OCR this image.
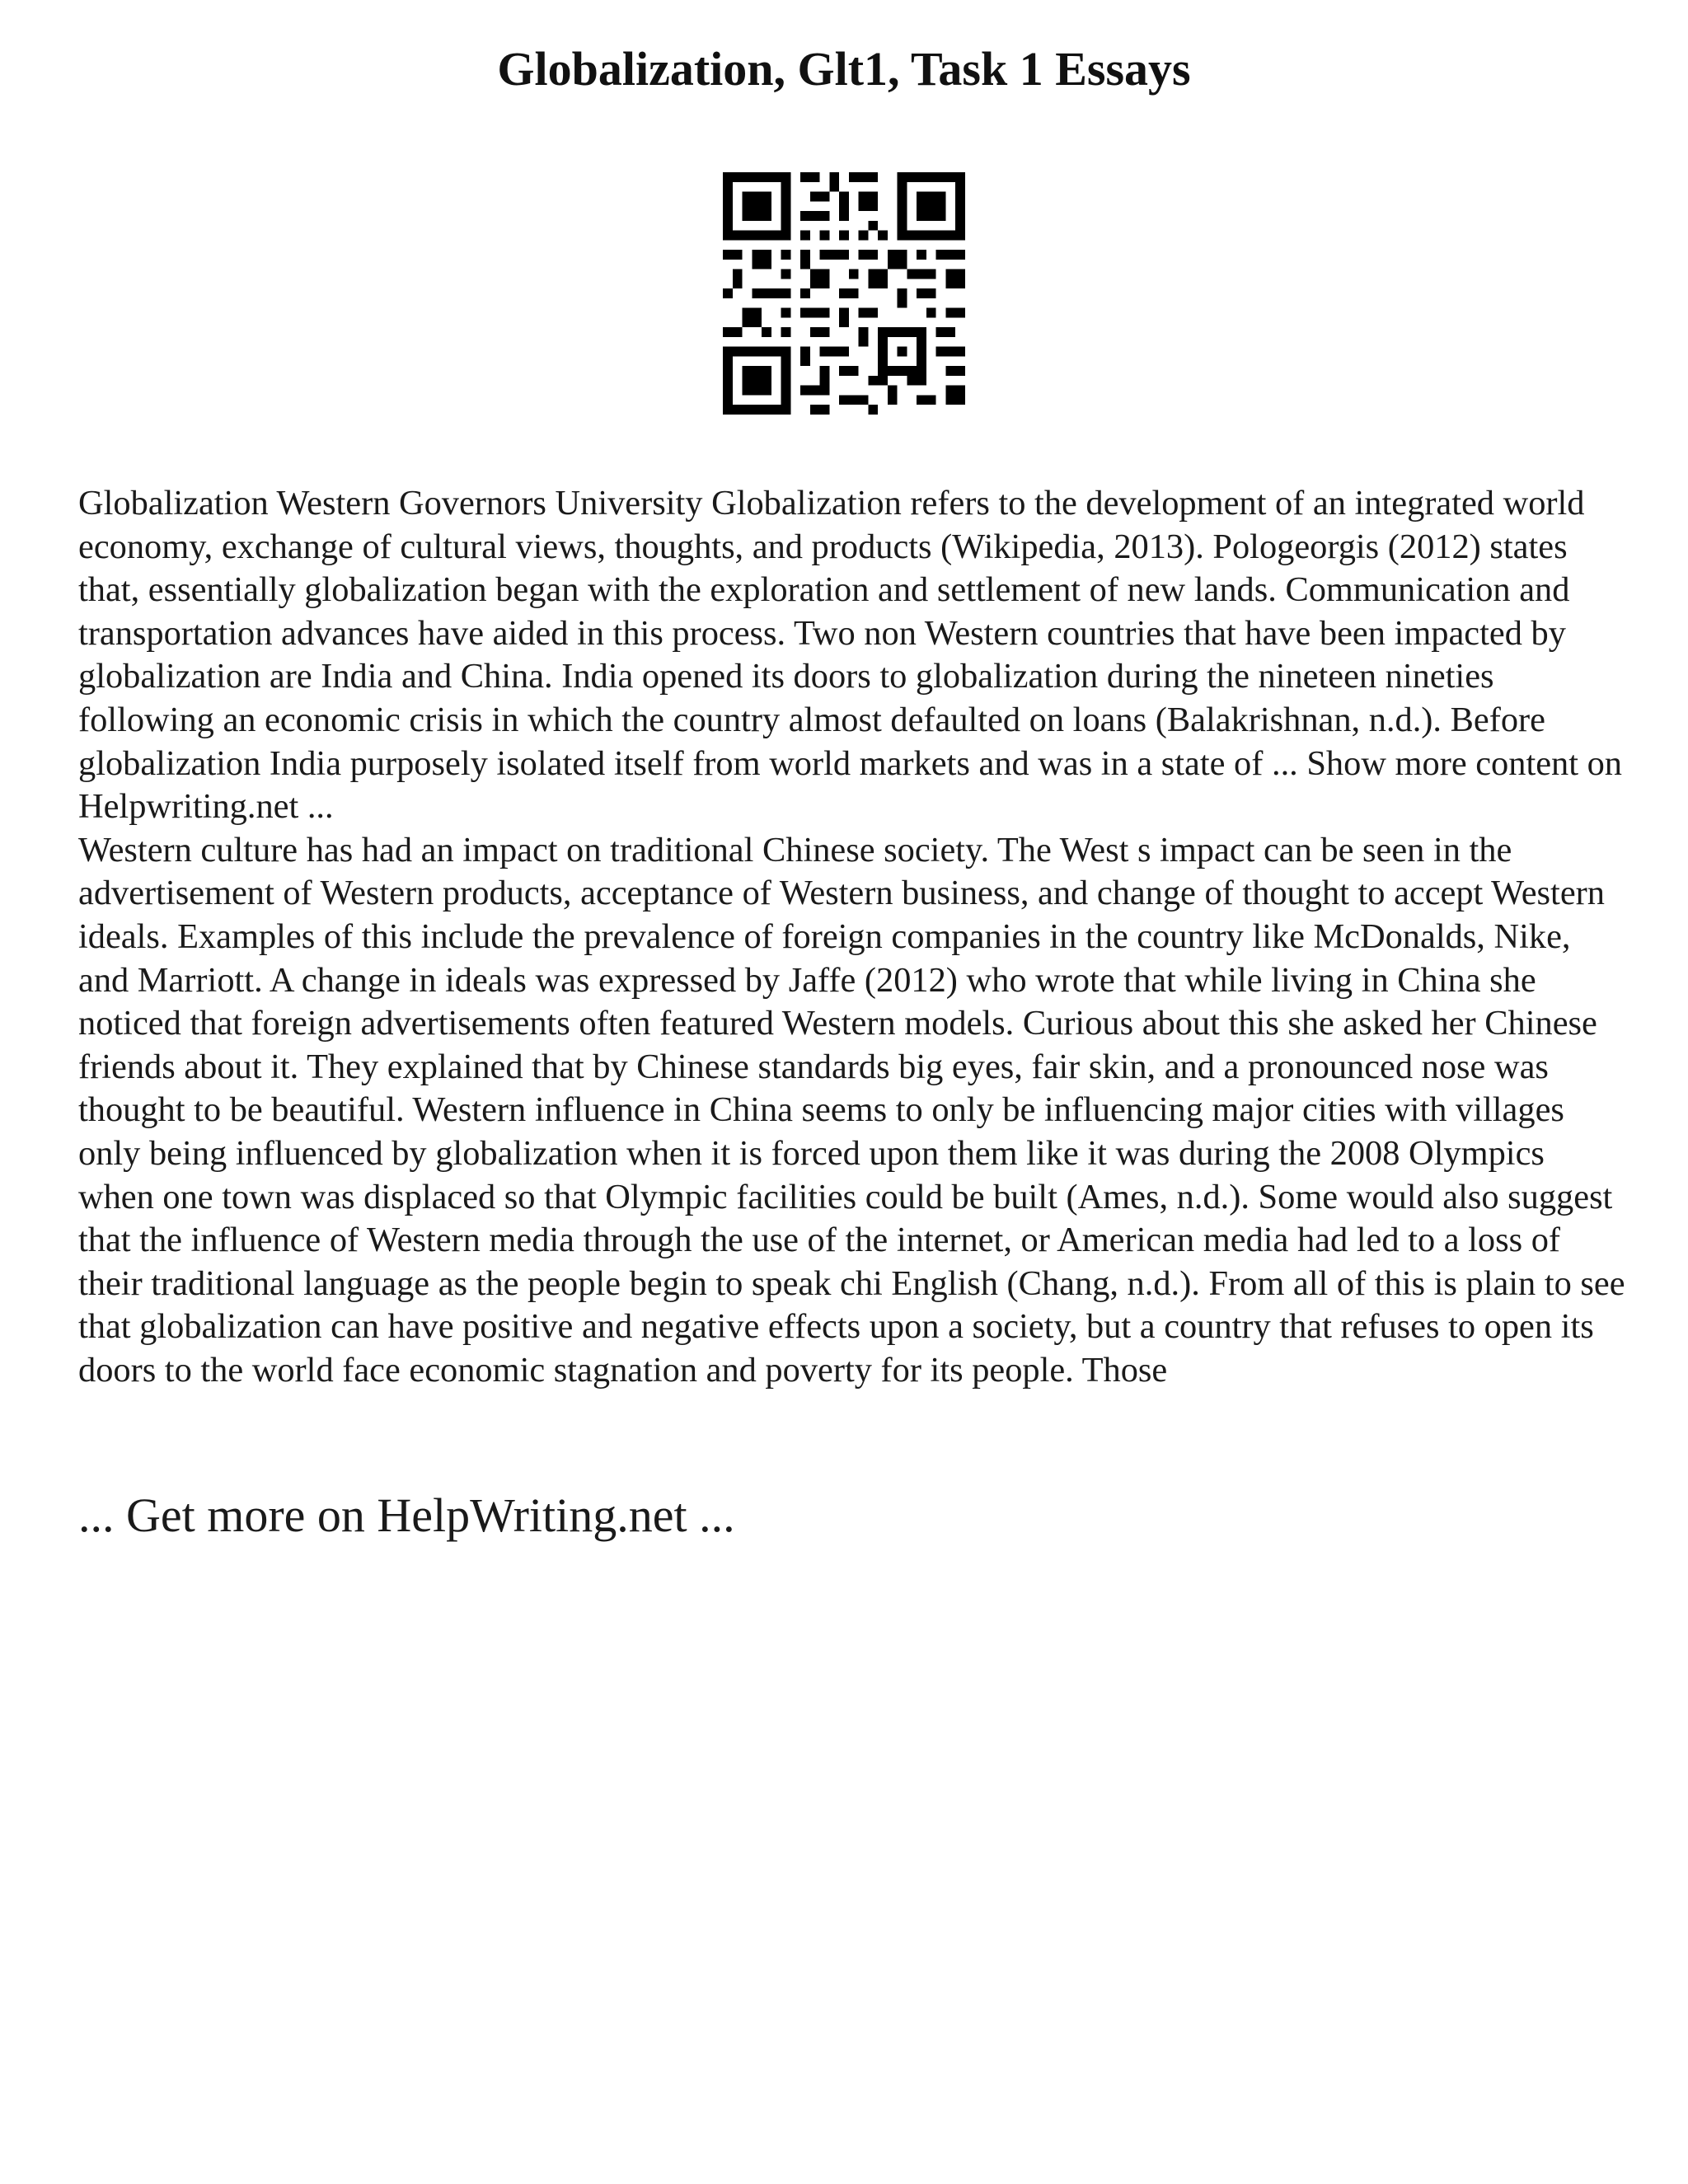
Globalization, Glt1, Task 1 Essays

Globalization Western Governors University Globalization refers to the development of an integrated world economy, exchange of cultural views, thoughts, and products (Wikipedia, 2013). Pologeorgis (2012) states that, essentially globalization began with the exploration and settlement of new lands. Communication and transportation advances have aided in this process. Two non Western countries that have been impacted by globalization are India and China. India opened its doors to globalization during the nineteen nineties following an economic crisis in which the country almost defaulted on loans (Balakrishnan, n.d.). Before globalization India purposely isolated itself from world markets and was in a state of ... Show more content on Helpwriting.net ...

Western culture has had an impact on traditional Chinese society. The West s impact can be seen in the advertisement of Western products, acceptance of Western business, and change of thought to accept Western ideals. Examples of this include the prevalence of foreign companies in the country like McDonalds, Nike, and Marriott. A change in ideals was expressed by Jaffe (2012) who wrote that while living in China she noticed that foreign advertisements often featured Western models. Curious about this she asked her Chinese friends about it. They explained that by Chinese standards big eyes, fair skin, and a pronounced nose was thought to be beautiful. Western influence in China seems to only be influencing major cities with villages only being influenced by globalization when it is forced upon them like it was during the 2008 Olympics when one town was displaced so that Olympic facilities could be built (Ames, n.d.). Some would also suggest that the influence of Western media through the use of the internet, or American media had led to a loss of their traditional language as the people begin to speak chi English (Chang, n.d.). From all of this is plain to see that globalization can have positive and negative effects upon a society, but a country that refuses to open its doors to the world face economic stagnation and poverty for its people. Those

... Get more on HelpWriting.net ...
